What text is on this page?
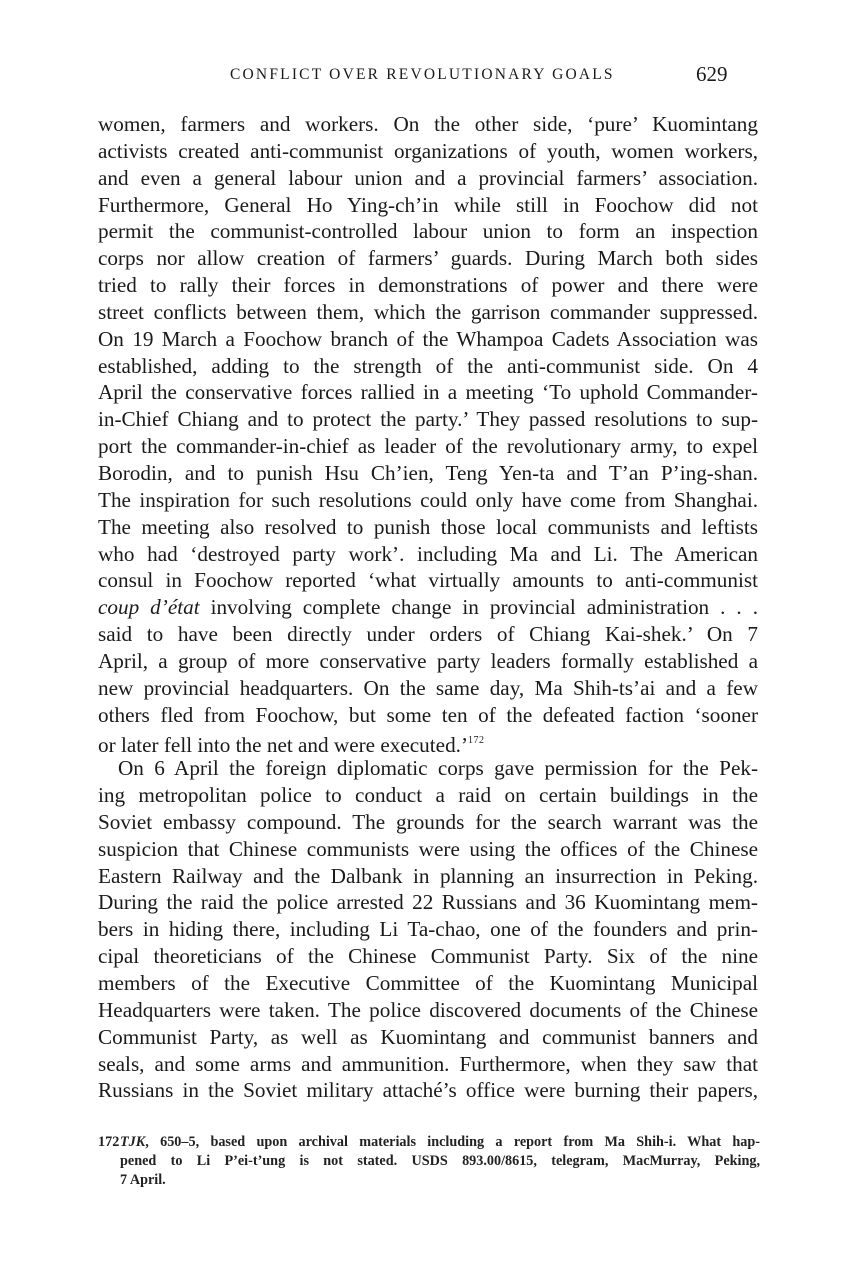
CONFLICT OVER REVOLUTIONARY GOALS	629
women, farmers and workers. On the other side, ‘pure’ Kuomintang
activists created anti-communist organizations of youth, women workers,
and even a general labour union and a provincial farmers’ association.
Furthermore, General Ho Ying-ch’in while still in Foochow did not
permit the communist-controlled labour union to form an inspection
corps nor allow creation of farmers’ guards. During March both sides
tried to rally their forces in demonstrations of power and there were
street conflicts between them, which the garrison commander suppressed.
On 19 March a Foochow branch of the Whampoa Cadets Association was
established, adding to the strength of the anti-communist side. On 4
April the conservative forces rallied in a meeting ‘To uphold Commander-
in-Chief Chiang and to protect the party.’ They passed resolutions to sup-
port the commander-in-chief as leader of the revolutionary army, to expel
Borodin, and to punish Hsu Ch’ien, Teng Yen-ta and T’an P’ing-shan.
The inspiration for such resolutions could only have come from Shanghai.
The meeting also resolved to punish those local communists and leftists
who had ‘destroyed party work’. including Ma and Li. The American
consul in Foochow reported ‘what virtually amounts to anti-communist
coup d’état involving complete change in provincial administration . . .
said to have been directly under orders of Chiang Kai-shek.’ On 7
April, a group of more conservative party leaders formally established a
new provincial headquarters. On the same day, Ma Shih-ts’ai and a few
others fled from Foochow, but some ten of the defeated faction ‘sooner
or later fell into the net and were executed.’$^{172}$
On 6 April the foreign diplomatic corps gave permission for the Pek-
ing metropolitan police to conduct a raid on certain buildings in the
Soviet embassy compound. The grounds for the search warrant was the
suspicion that Chinese communists were using the offices of the Chinese
Eastern Railway and the Dalbank in planning an insurrection in Peking.
During the raid the police arrested 22 Russians and 36 Kuomintang mem-
bers in hiding there, including Li Ta-chao, one of the founders and prin-
cipal theoreticians of the Chinese Communist Party. Six of the nine
members of the Executive Committee of the Kuomintang Municipal
Headquarters were taken. The police discovered documents of the Chinese
Communist Party, as well as Kuomintang and communist banners and
seals, and some arms and ammunition. Furthermore, when they saw that
Russians in the Soviet military attaché’s office were burning their papers,
172TJK, 650–5, based upon archival materials including a report from Ma Shih-i. What hap-
pened to Li P’ei-t’ung is not stated. USDS 893.00/8615, telegram, MacMurray, Peking,
7 April.
